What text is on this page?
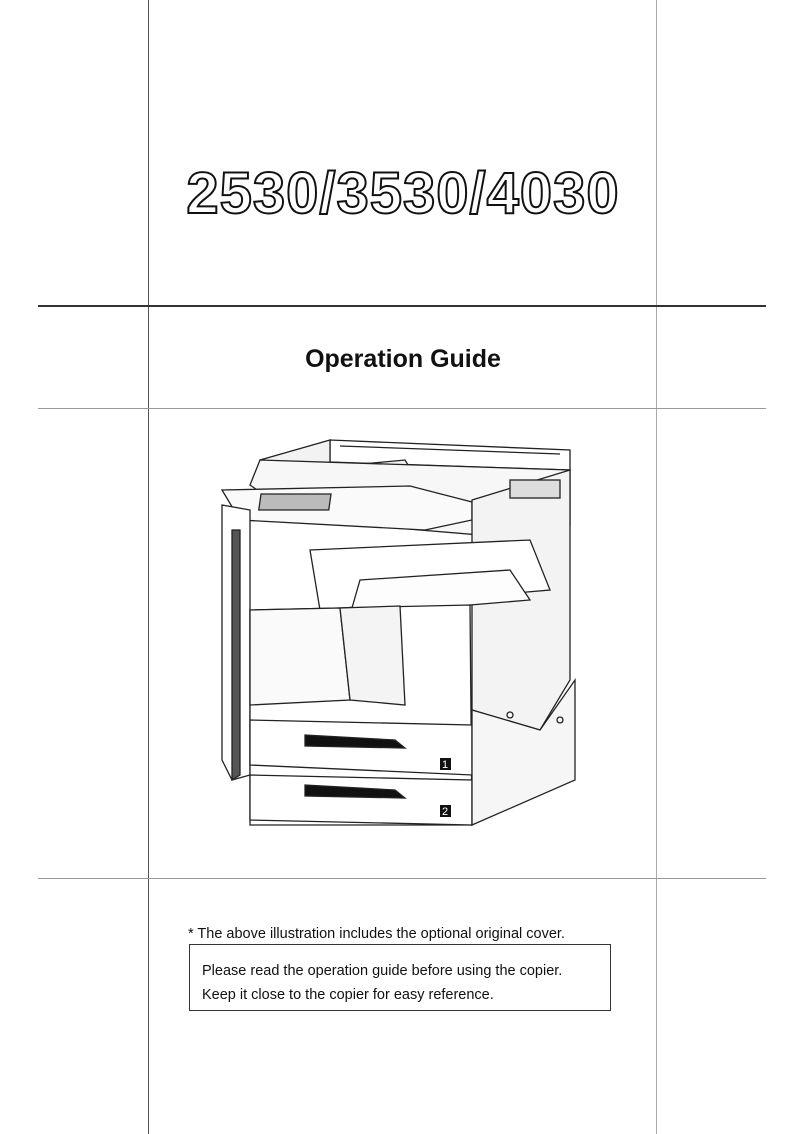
2530/3530/4030
Operation Guide
1
2
* The above illustration includes the optional original cover.
Please read the operation guide before using the copier.
Keep it close to the copier for easy reference.
